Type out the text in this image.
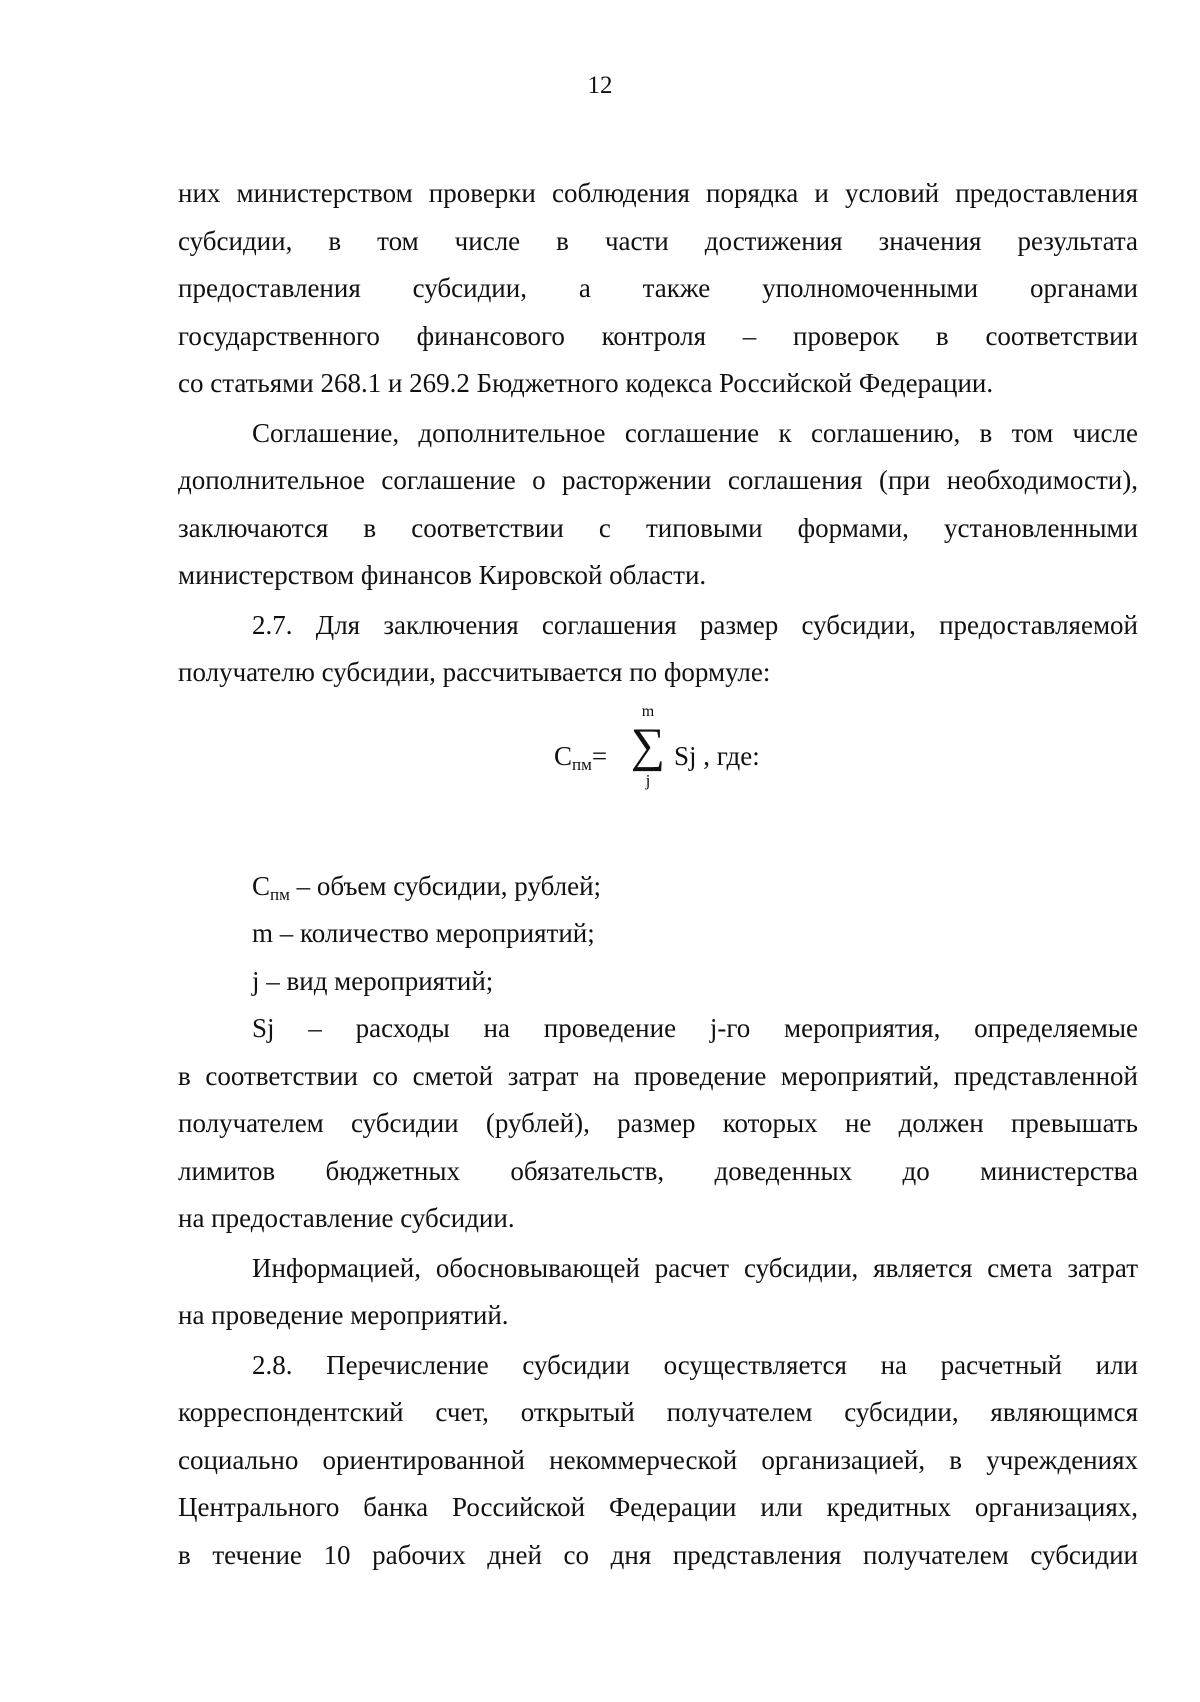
12

них министерством проверки соблюдения порядка и условий предоставления
субсидии, в том числе в части достижения значения результата
предоставления субсидии, а также уполномоченными органами
государственного финансового контроля – проверок в соответствии
со статьями 268.1 и 269.2 Бюджетного кодекса Российской Федерации.

Соглашение, дополнительное соглашение к соглашению, в том числе
дополнительное соглашение о расторжении соглашения (при необходимости),
заключаются в соответствии с типовыми формами, установленными
министерством финансов Кировской области.

2.7. Для заключения соглашения размер субсидии, предоставляемой
получателю субсидии, рассчитывается по формуле:

$С_{пм}=$
m
∑
j
Sj , где:

$С_{пм}$ – объем субсидии, рублей;
m – количество мероприятий;
j – вид мероприятий;

Sj – расходы на проведение j-го мероприятия, определяемые
в соответствии со сметой затрат на проведение мероприятий, представленной
получателем субсидии (рублей), размер которых не должен превышать
лимитов бюджетных обязательств, доведенных до министерства
на предоставление субсидии.

Информацией, обосновывающей расчет субсидии, является смета затрат
на проведение мероприятий.

2.8. Перечисление субсидии осуществляется на расчетный или
корреспондентский счет, открытый получателем субсидии, являющимся
социально ориентированной некоммерческой организацией, в учреждениях
Центрального банка Российской Федерации или кредитных организациях,
в течение 10 рабочих дней со дня представления получателем субсидии
